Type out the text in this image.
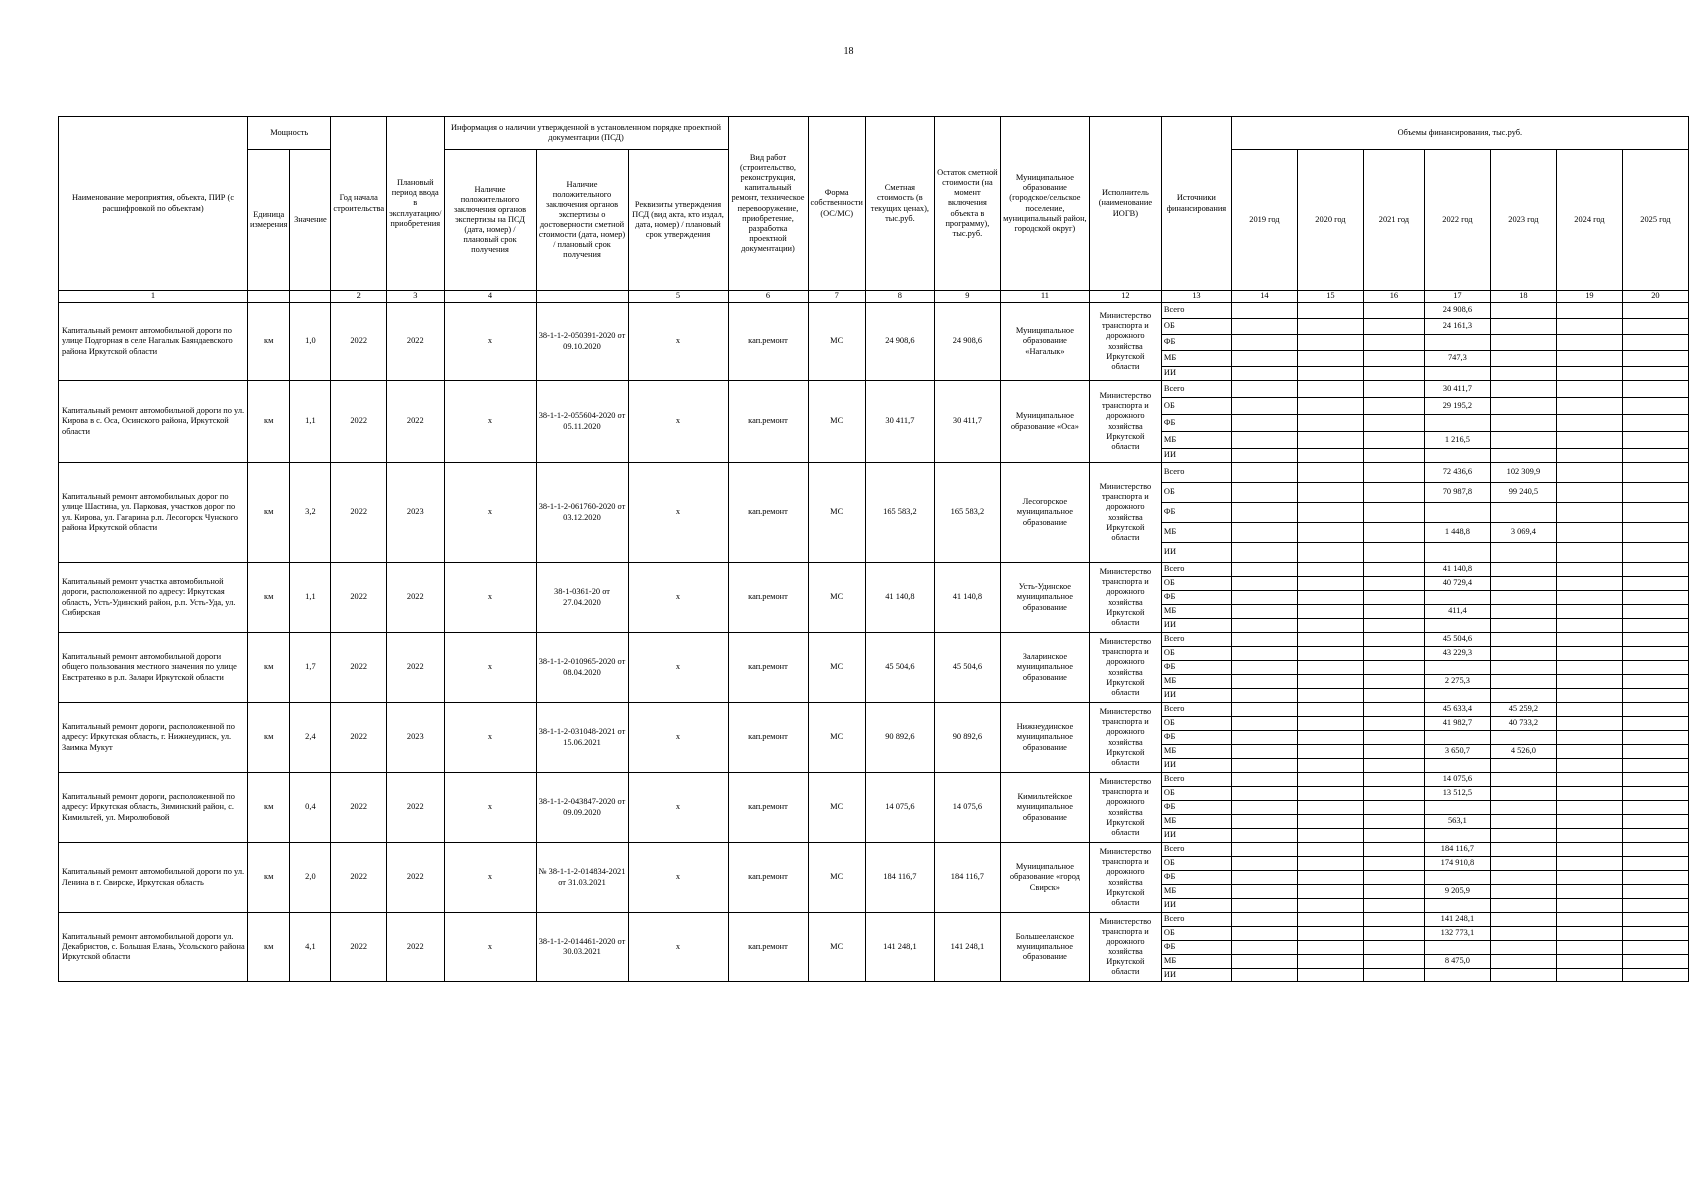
18
Наименование мероприятия, объекта, ПИР (с расшифровкой по объектам)	Мощность		Год начала строительства	Плановый период ввода в эксплуатацию/приобретения	Информация о наличии утвержденной в установленном порядке проектной документации (ПСД)			Вид работ (строительство, реконструкция, капитальный ремонт, техническое перевооружение, приобретение, разработка проектной документации)	Форма собственности (ОС/МС)	Сметная стоимость (в текущих ценах), тыс.руб.	Остаток сметной стоимости (на момент включения объекта в программу), тыс.руб.	Муниципальное образование (городское/сельское поселение, муниципальный район, городской округ)	Исполнитель (наименование ИОГВ)	Источники финансирования	Объемы финансирования, тыс.руб.						
	Единица измерения	Значение			Наличие положительного заключения органов экспертизы на ПСД (дата, номер) / плановый срок получения	Наличие положительного заключения органов экспертизы о достоверности сметной стоимости (дата, номер) / плановый срок получения	Реквизиты утверждения ПСД (вид акта, кто издал, дата, номер) / плановый срок утверждения								2019 год	2020 год	2021 год	2022 год	2023 год	2024 год	2025 год
1			2	3	4		5	6	7	8	9	11	12	13	14	15	16	17	18	19	20
Капитальный ремонт автомобильной дороги по улице Подгорная в селе Нагалык Баяндаевского района Иркутской области	км	1,0	2022	2022	х	38-1-1-2-050391-2020 от 09.10.2020	х	кап.ремонт	МС	24 908,6	24 908,6	Муниципальное образование «Нагалык»	Министерство транспорта и дорожного хозяйства Иркутской области	Всего				24 908,6			
														ОБ				24 161,3			
														ФБ							
														МБ				747,3			
														ИИ							
Капитальный ремонт автомобильной дороги по ул. Кирова в с. Оса, Осинского района, Иркутской области	км	1,1	2022	2022	х	38-1-1-2-055604-2020 от 05.11.2020	х	кап.ремонт	МС	30 411,7	30 411,7	Муниципальное образование «Оса»	Министерство транспорта и дорожного хозяйства Иркутской области	Всего				30 411,7			
														ОБ				29 195,2			
														ФБ							
														МБ				1 216,5			
														ИИ							
Капитальный ремонт автомобильных дорог по улице Шастина, ул. Парковая, участков дорог по ул. Кирова, ул. Гагарина р.п. Лесогорск Чунского района Иркутской области	км	3,2	2022	2023	х	38-1-1-2-061760-2020 от 03.12.2020	х	кап.ремонт	МС	165 583,2	165 583,2	Лесогорское муниципальное образование	Министерство транспорта и дорожного хозяйства Иркутской области	Всего				72 436,6	102 309,9		
														ОБ				70 987,8	99 240,5		
														ФБ							
														МБ				1 448,8	3 069,4		
														ИИ							
Капитальный ремонт участка автомобильной дороги, расположенной по адресу: Иркутская область, Усть-Удинский район, р.п. Усть-Уда, ул. Сибирская	км	1,1	2022	2022	х	38-1-0361-20 от 27.04.2020	х	кап.ремонт	МС	41 140,8	41 140,8	Усть-Удинское муниципальное образование	Министерство транспорта и дорожного хозяйства Иркутской области	Всего				41 140,8			
														ОБ				40 729,4			
														ФБ							
														МБ				411,4			
														ИИ							
Капитальный ремонт автомобильной дороги общего пользования местного значения по улице Евстратенко в р.п. Залари Иркутской области	км	1,7	2022	2022	х	38-1-1-2-010965-2020 от 08.04.2020	х	кап.ремонт	МС	45 504,6	45 504,6	Заларинское муниципальное образование	Министерство транспорта и дорожного хозяйства Иркутской области	Всего				45 504,6			
														ОБ				43 229,3			
														ФБ							
														МБ				2 275,3			
														ИИ							
Капитальный ремонт дороги, расположенной по адресу: Иркутская область, г. Нижнеудинск, ул. Заимка Мукут	км	2,4	2022	2023	х	38-1-1-2-031048-2021 от 15.06.2021	х	кап.ремонт	МС	90 892,6	90 892,6	Нижнеудинское муниципальное образование	Министерство транспорта и дорожного хозяйства Иркутской области	Всего				45 633,4	45 259,2		
														ОБ				41 982,7	40 733,2		
														ФБ							
														МБ				3 650,7	4 526,0		
														ИИ							
Капитальный ремонт дороги, расположенной по адресу: Иркутская область, Зиминский район, с. Кимильтей, ул. Миролюбовой	км	0,4	2022	2022	х	38-1-1-2-043847-2020 от 09.09.2020	х	кап.ремонт	МС	14 075,6	14 075,6	Кимильтейское муниципальное образование	Министерство транспорта и дорожного хозяйства Иркутской области	Всего				14 075,6			
														ОБ				13 512,5			
														ФБ							
														МБ				563,1			
														ИИ							
Капитальный ремонт автомобильной дороги по ул. Ленина в г. Свирске, Иркутская область	км	2,0	2022	2022	х	№ 38-1-1-2-014834-2021 от 31.03.2021	х	кап.ремонт	МС	184 116,7	184 116,7	Муниципальное образование «город Свирск»	Министерство транспорта и дорожного хозяйства Иркутской области	Всего				184 116,7			
														ОБ				174 910,8			
														ФБ							
														МБ				9 205,9			
														ИИ							
Капитальный ремонт автомобильной дороги ул. Декабристов, с. Большая Елань, Усольского района Иркутской области	км	4,1	2022	2022	х	38-1-1-2-014461-2020 от 30.03.2021	х	кап.ремонт	МС	141 248,1	141 248,1	Большееланское муниципальное образование	Министерство транспорта и дорожного хозяйства Иркутской области	Всего				141 248,1			
														ОБ				132 773,1			
														ФБ							
														МБ				8 475,0			
														ИИ							
